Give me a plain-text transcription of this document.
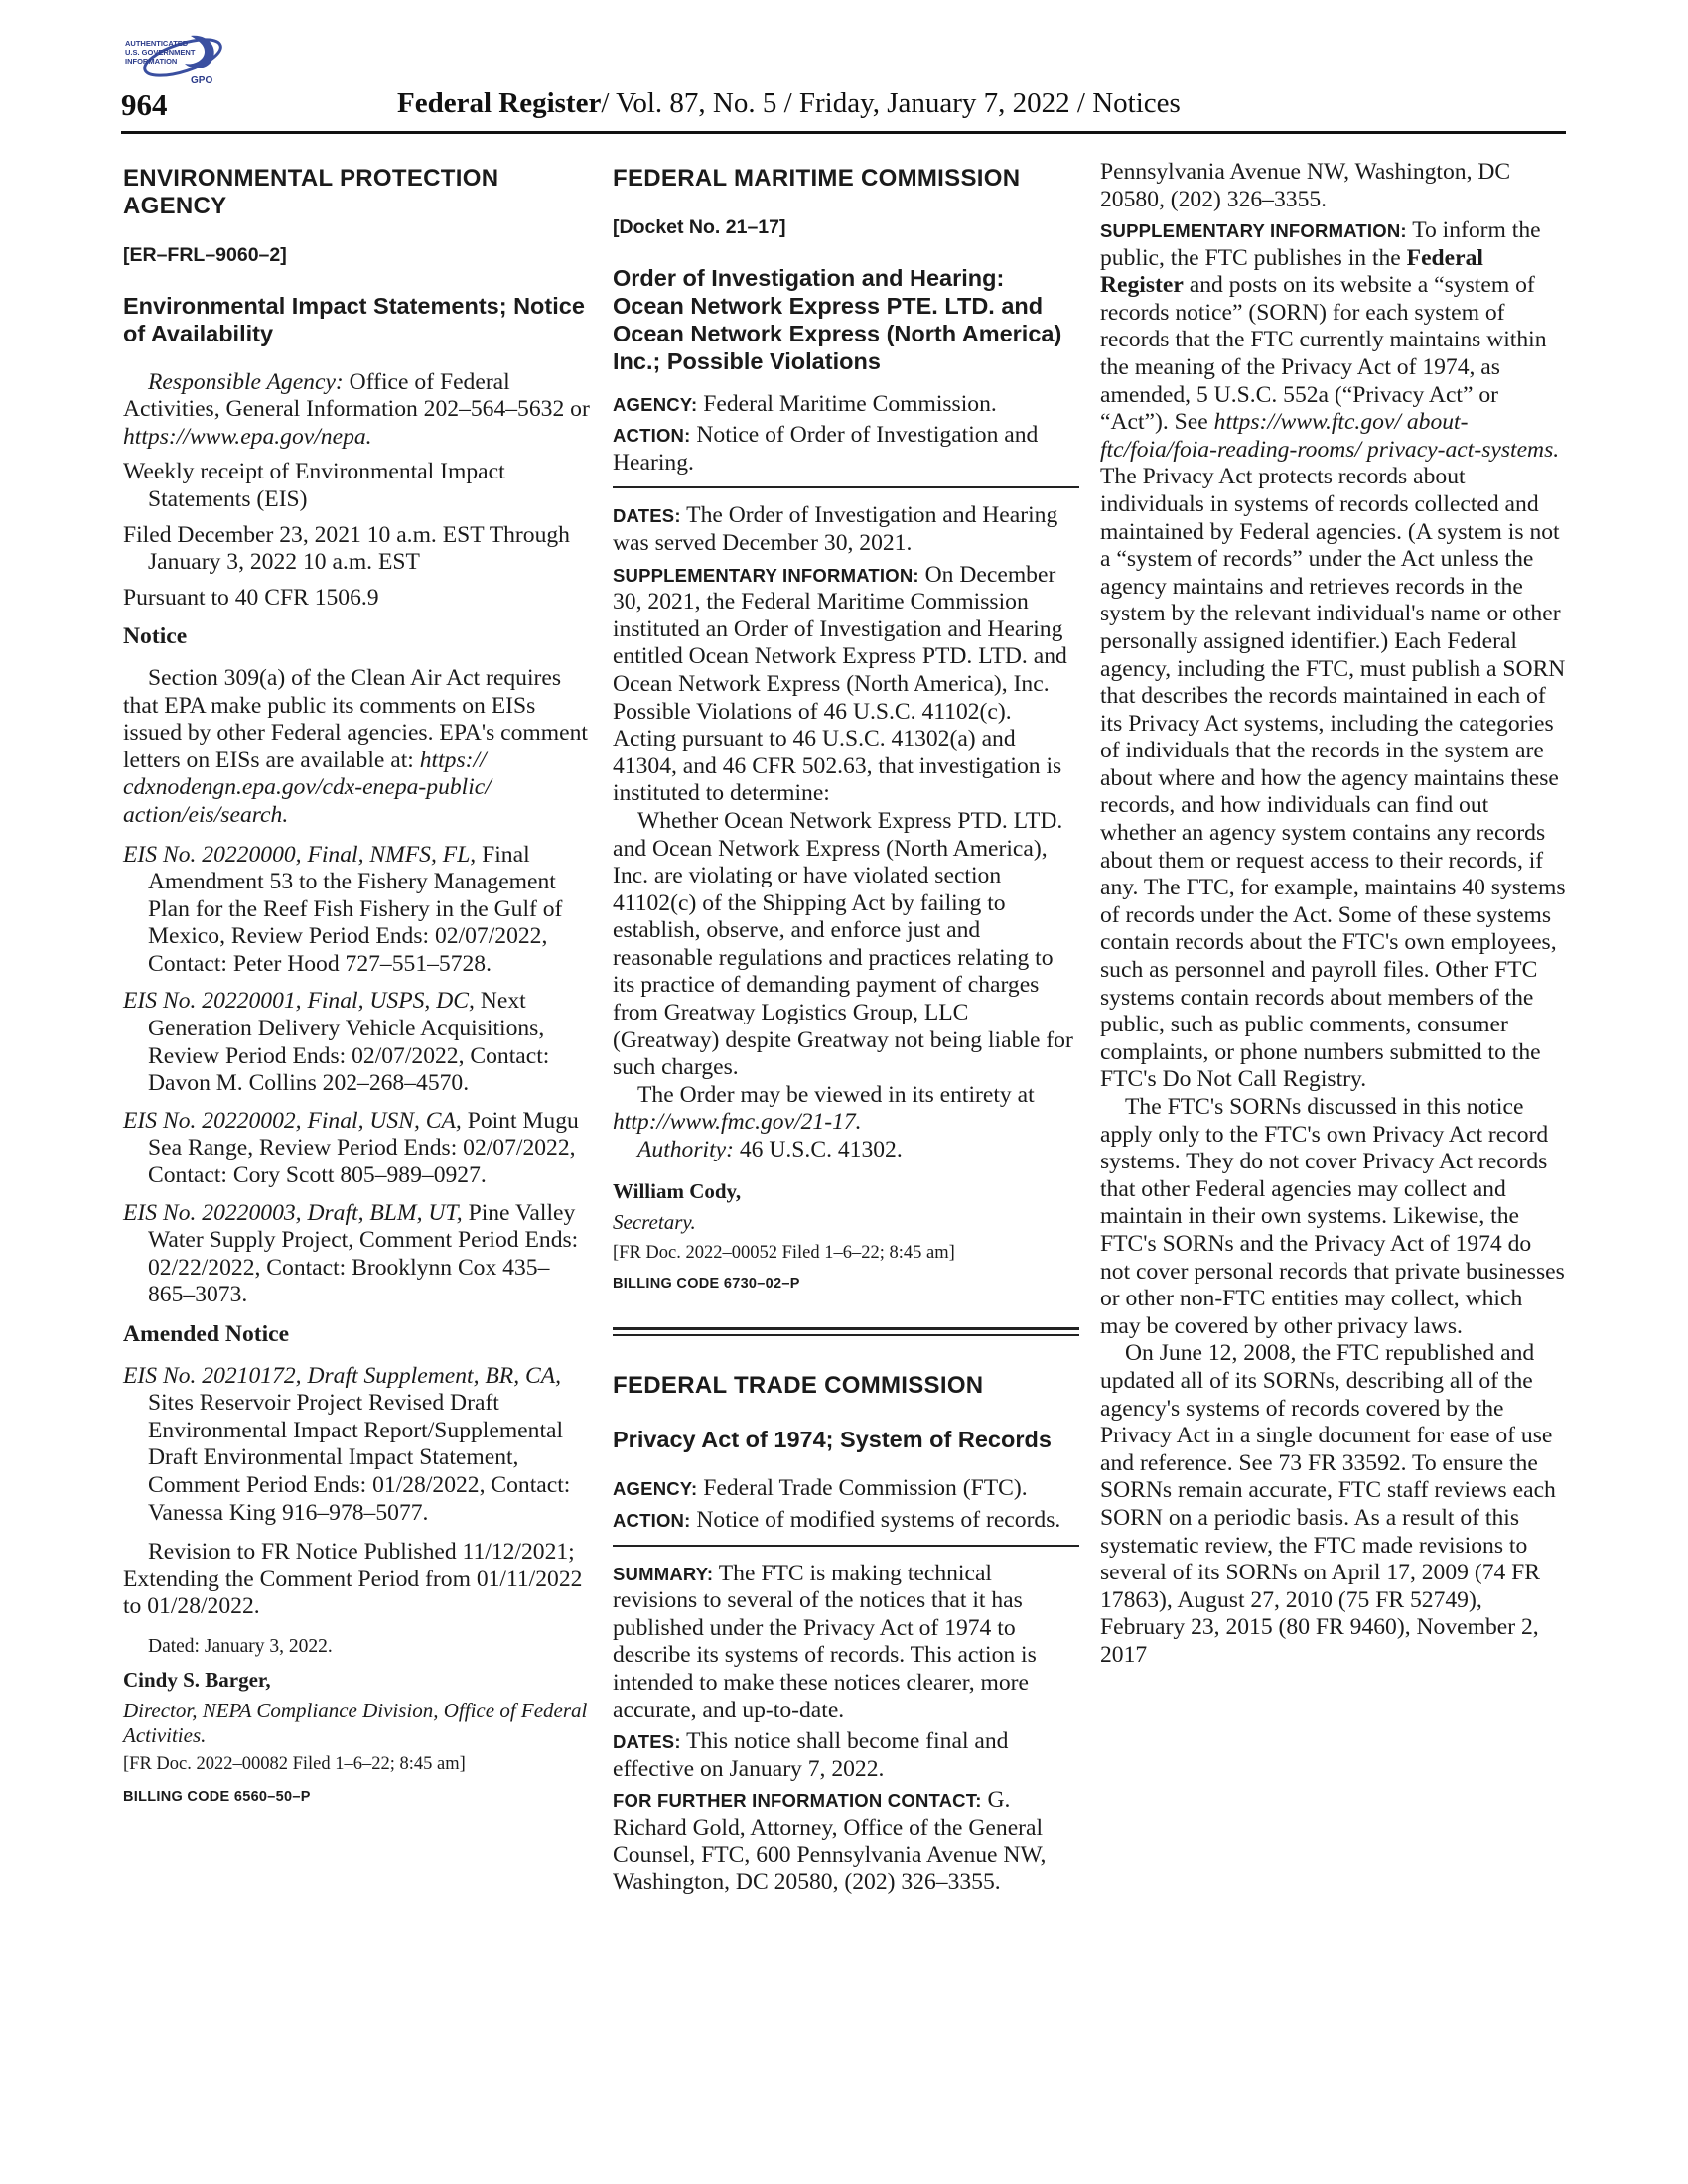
AUTHENTICATED
U.S. GOVERNMENT
INFORMATION
GPO
964	Federal Register/ Vol. 87, No. 5 / Friday, January 7, 2022 / Notices
ENVIRONMENTAL PROTECTION AGENCY
[ER–FRL–9060–2]
Environmental Impact Statements; Notice of Availability

Responsible Agency: Office of Federal Activities, General Information 202–564–5632 or https://www.epa.gov/nepa.

Weekly receipt of Environmental Impact Statements (EIS)

Filed December 23, 2021 10 a.m. EST Through January 3, 2022 10 a.m. EST

Pursuant to 40 CFR 1506.9

Notice

Section 309(a) of the Clean Air Act requires that EPA make public its comments on EISs issued by other Federal agencies. EPA's comment letters on EISs are available at: https:// cdxnodengn.epa.gov/cdx-enepa-public/ action/eis/search.

EIS No. 20220000, Final, NMFS, FL, Final Amendment 53 to the Fishery Management Plan for the Reef Fish Fishery in the Gulf of Mexico, Review Period Ends: 02/07/2022, Contact: Peter Hood 727–551–5728.

EIS No. 20220001, Final, USPS, DC, Next Generation Delivery Vehicle Acquisitions, Review Period Ends: 02/07/2022, Contact: Davon M. Collins 202–268–4570.

EIS No. 20220002, Final, USN, CA, Point Mugu Sea Range, Review Period Ends: 02/07/2022, Contact: Cory Scott 805–989–0927.

EIS No. 20220003, Draft, BLM, UT, Pine Valley Water Supply Project, Comment Period Ends: 02/22/2022, Contact: Brooklynn Cox 435–865–3073.

Amended Notice

EIS No. 20210172, Draft Supplement, BR, CA, Sites Reservoir Project Revised Draft Environmental Impact Report/Supplemental Draft Environmental Impact Statement, Comment Period Ends: 01/28/2022, Contact: Vanessa King 916–978–5077.

Revision to FR Notice Published 11/12/2021; Extending the Comment Period from 01/11/2022 to 01/28/2022.

Dated: January 3, 2022.

Cindy S. Barger,

Director, NEPA Compliance Division, Office of Federal Activities.

[FR Doc. 2022–00082 Filed 1–6–22; 8:45 am]

BILLING CODE 6560–50–P

FEDERAL MARITIME COMMISSION
[Docket No. 21–17]
Order of Investigation and Hearing: Ocean Network Express PTE. LTD. and Ocean Network Express (North America) Inc.; Possible Violations

AGENCY: Federal Maritime Commission.

ACTION: Notice of Order of Investigation and Hearing.

DATES: The Order of Investigation and Hearing was served December 30, 2021.

SUPPLEMENTARY INFORMATION: On December 30, 2021, the Federal Maritime Commission instituted an Order of Investigation and Hearing entitled Ocean Network Express PTD. LTD. and Ocean Network Express (North America), Inc. Possible Violations of 46 U.S.C. 41102(c). Acting pursuant to 46 U.S.C. 41302(a) and 41304, and 46 CFR 502.63, that investigation is instituted to determine:

Whether Ocean Network Express PTD. LTD. and Ocean Network Express (North America), Inc. are violating or have violated section 41102(c) of the Shipping Act by failing to establish, observe, and enforce just and reasonable regulations and practices relating to its practice of demanding payment of charges from Greatway Logistics Group, LLC (Greatway) despite Greatway not being liable for such charges.

The Order may be viewed in its entirety at http://www.fmc.gov/21-17.

Authority: 46 U.S.C. 41302.

William Cody,

Secretary.

[FR Doc. 2022–00052 Filed 1–6–22; 8:45 am]

BILLING CODE 6730–02–P

FEDERAL TRADE COMMISSION
Privacy Act of 1974; System of Records

AGENCY: Federal Trade Commission (FTC).

ACTION: Notice of modified systems of records.

SUMMARY: The FTC is making technical revisions to several of the notices that it has published under the Privacy Act of 1974 to describe its systems of records. This action is intended to make these notices clearer, more accurate, and up-to-date.

DATES: This notice shall become final and effective on January 7, 2022.

FOR FURTHER INFORMATION CONTACT: G. Richard Gold, Attorney, Office of the General Counsel, FTC, 600 Pennsylvania Avenue NW, Washington, DC 20580, (202) 326–3355.

Pennsylvania Avenue NW, Washington, DC 20580, (202) 326–3355.

SUPPLEMENTARY INFORMATION: To inform the public, the FTC publishes in the Federal Register and posts on its website a “system of records notice” (SORN) for each system of records that the FTC currently maintains within the meaning of the Privacy Act of 1974, as amended, 5 U.S.C. 552a (“Privacy Act” or “Act”). See https://www.ftc.gov/ about-ftc/foia/foia-reading-rooms/ privacy-act-systems. The Privacy Act protects records about individuals in systems of records collected and maintained by Federal agencies. (A system is not a “system of records” under the Act unless the agency maintains and retrieves records in the system by the relevant individual's name or other personally assigned identifier.) Each Federal agency, including the FTC, must publish a SORN that describes the records maintained in each of its Privacy Act systems, including the categories of individuals that the records in the system are about where and how the agency maintains these records, and how individuals can find out whether an agency system contains any records about them or request access to their records, if any. The FTC, for example, maintains 40 systems of records under the Act. Some of these systems contain records about the FTC's own employees, such as personnel and payroll files. Other FTC systems contain records about members of the public, such as public comments, consumer complaints, or phone numbers submitted to the FTC's Do Not Call Registry.

The FTC's SORNs discussed in this notice apply only to the FTC's own Privacy Act record systems. They do not cover Privacy Act records that other Federal agencies may collect and maintain in their own systems. Likewise, the FTC's SORNs and the Privacy Act of 1974 do not cover personal records that private businesses or other non-FTC entities may collect, which may be covered by other privacy laws.

On June 12, 2008, the FTC republished and updated all of its SORNs, describing all of the agency's systems of records covered by the Privacy Act in a single document for ease of use and reference. See 73 FR 33592. To ensure the SORNs remain accurate, FTC staff reviews each SORN on a periodic basis. As a result of this systematic review, the FTC made revisions to several of its SORNs on April 17, 2009 (74 FR 17863), August 27, 2010 (75 FR 52749), February 23, 2015 (80 FR 9460), November 2, 2017
